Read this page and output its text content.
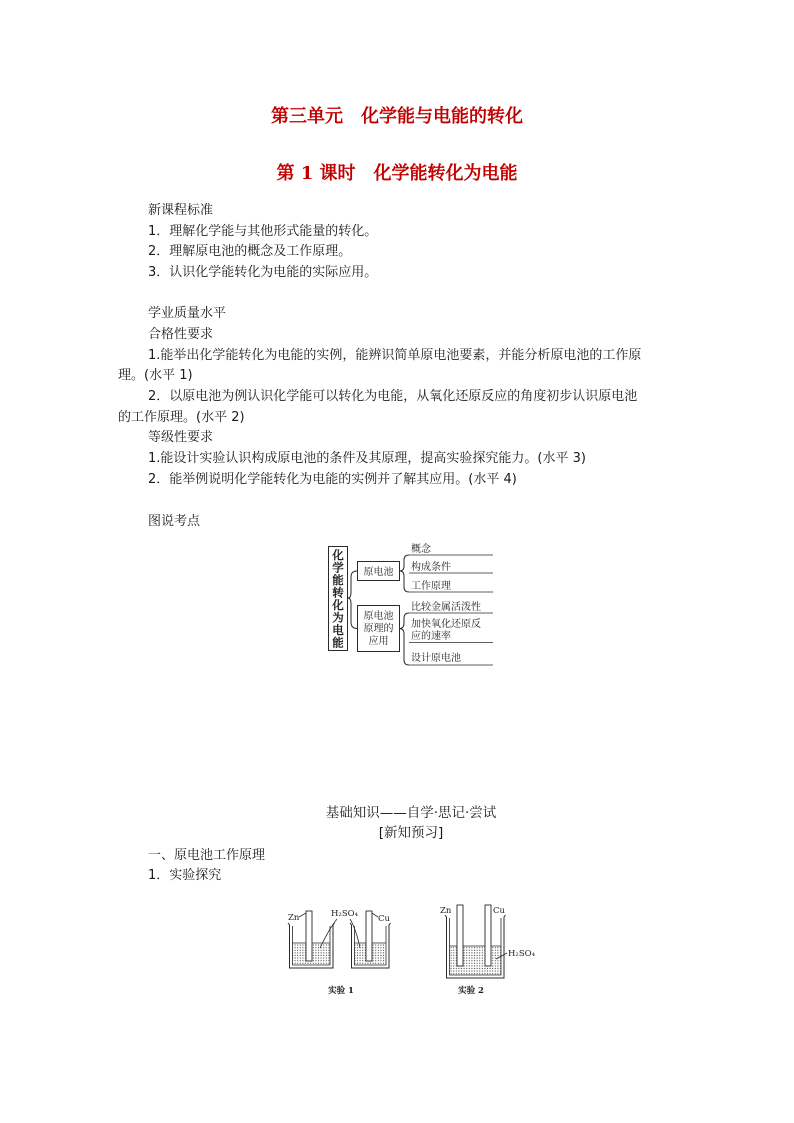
第三单元　化学能与电能的转化
第 1 课时　化学能转化为电能
新课程标准
1．理解化学能与其他形式能量的转化。
2．理解原电池的概念及工作原理。
3．认识化学能转化为电能的实际应用。
学业质量水平
合格性要求
1.能举出化学能转化为电能的实例，能辨识简单原电池要素，并能分析原电池的工作原
理。(水平 1)
2．以原电池为例认识化学能可以转化为电能，从氧化还原反应的角度初步认识原电池
的工作原理。(水平 2)
等级性要求
1.能设计实验认识构成原电池的条件及其原理，提高实验探究能力。(水平 3)
2．能举例说明化学能转化为电能的实例并了解其应用。(水平 4)
图说考点
原电池
概念
构成条件
工作原理
原电池
原理的
应用
比较金属活泼性
加快氧化还原反
应的速率
设计原电池
化学能转化为电能
基础知识——自学·思记·尝试
[新知预习]
一、原电池工作原理
1．实验探究
Zn	H₂SO₄ Cu
实验 1
Zn	Cu
H₂SO₄
实验 2
